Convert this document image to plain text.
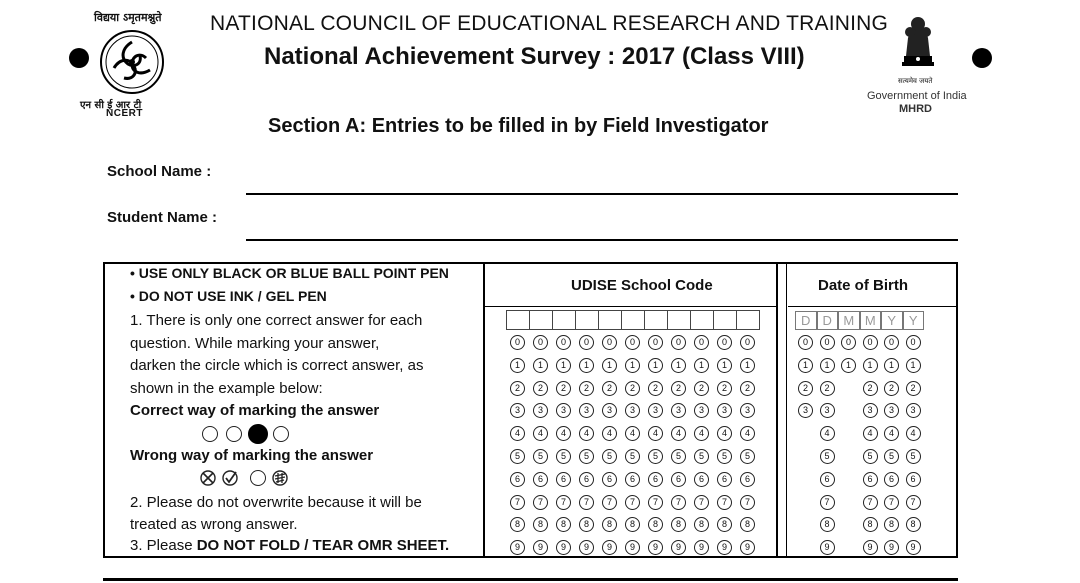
विद्यया ऽमृतमश्नुते
एन सी ई आर टी
NCERT
NATIONAL COUNCIL OF EDUCATIONAL RESEARCH AND TRAINING
National Achievement Survey : 2017 (Class VIII)
सत्यमेव जयते
Government of India
MHRD
Section A: Entries to be filled in by Field Investigator
School Name :
Student Name :
• USE ONLY BLACK OR BLUE BALL POINT PEN
• DO NOT USE INK / GEL PEN
1. There is only one correct answer for each
question. While marking your answer,
darken the circle which is correct answer, as
shown in the example below:
Correct way of marking the answer
Wrong way of marking the answer
2. Please do not overwrite because it will be
treated as wrong answer.
3. Please DO NOT FOLD / TEAR OMR SHEET.
UDISE School Code	Date of Birth
0
1
2
3
4
5
6
7
8
9
0
1
2
3
4
5
6
7
8
9
0
1
2
3
4
5
6
7
8
9
0
1
2
3
4
5
6
7
8
9
0
1
2
3
4
5
6
7
8
9
0
1
2
3
4
5
6
7
8
9
0
1
2
3
4
5
6
7
8
9
0
1
2
3
4
5
6
7
8
9
0
1
2
3
4
5
6
7
8
9
0
1
2
3
4
5
6
7
8
9
0
1
2
3
4
5
6
7
8
9
D D M M Y Y
0
1
2
3
0
1
2
3
4
5
6
7
8
9
0
1
0
1
2
3
4
5
6
7
8
9
0
1
2
3
4
5
6
7
8
9
0
1
2
3
4
5
6
7
8
9
